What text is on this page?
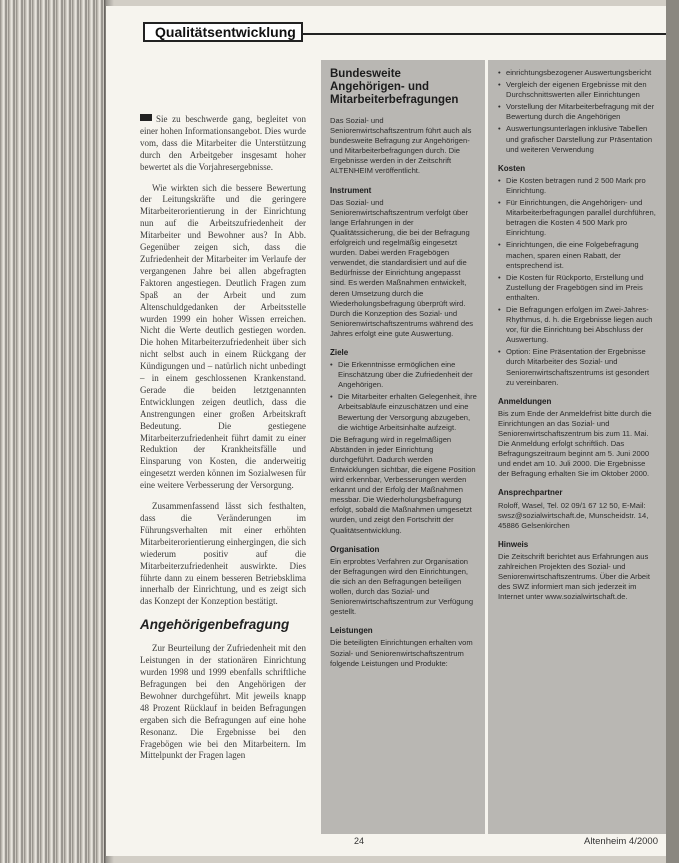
Qualitätsentwicklung

Sie zu beschwerde gang, begleitet von einer hohen Informationsangebot. Dies wurde vom, dass die Mitarbeiter die Unterstützung durch den Arbeitgeber insgesamt hoher bewertet als die Vorjahresergebnisse.

Wie wirkten sich die bessere Bewertung der Leitungskräfte und die geringere Mitarbeiterorientierung in der Einrichtung nun auf die Arbeitszufriedenheit der Mitarbeiter und Bewohner aus? In Abb. Gegenüber zeigen sich, dass die Zufriedenheit der Mitarbeiter im Verlaufe der vergangenen Jahre bei allen abgefragten Faktoren angestiegen. Deutlich Fragen zum Spaß an der Arbeit und zum Altenschuldgedanken der Arbeitsstelle wurden 1999 ein hoher Wissen erreichen. Nicht die Werte deutlich gestiegen worden. Die hohen Mitarbeiterzufriedenheit über sich nicht selbst auch in einem Rückgang der Kündigungen und – natürlich nicht unbedingt – in einem geschlossenen Krankenstand. Gerade die beiden letztgenannten Entwicklungen zeigen deutlich, dass die Anstrengungen einer großen Arbeitskraft Bedeutung. Die gestiegene Mitarbeiterzufriedenheit führt damit zu einer Reduktion der Krankheitsfälle und Einsparung von Kosten, die anderweitig eingesetzt werden können im Sozialwesen für eine weitere Verbesserung der Versorgung.

Zusammenfassend lässt sich festhalten, dass die Veränderungen im Führungsverhalten mit einer erhöhten Mitarbeiterorientierung einhergingen, die sich wiederum positiv auf die Mitarbeiterzufriedenheit auswirkte. Dies führte dann zu einem besseren Betriebsklima innerhalb der Einrichtung, und es zeigt sich das Konzept der Konzeption bestätigt.

Angehörigenbefragung

Zur Beurteilung der Zufriedenheit mit den Leistungen in der stationären Einrichtung wurden 1998 und 1999 ebenfalls schriftliche Befragungen bei den Angehörigen der Bewohner durchgeführt. Mit jeweils knapp 48 Prozent Rücklauf in beiden Befragungen ergaben sich die Befragungen auf eine hohe Resonanz. Die Ergebnisse bei den Fragebögen wie bei den Mitarbeitern. Im Mittelpunkt der Fragen lagen

Bundesweite Angehörigen- und Mitarbeiterbefragungen

Das Sozial- und Seniorenwirtschaftszentrum führt auch als bundesweite Befragung zur Angehörigen- und Mitarbeiterbefragungen durch. Die Ergebnisse werden in der Zeitschrift ALTENHEIM veröffentlicht.

Instrument

Das Sozial- und Seniorenwirtschaftszentrum verfolgt über lange Erfahrungen in der Qualitätssicherung, die bei der Befragung erfolgreich und regelmäßig eingesetzt wurden. Dabei werden Fragebögen verwendet, die standardisiert und auf die Bedürfnisse der Einrichtung angepasst sind. Es werden Maßnahmen entwickelt, deren Umsetzung durch die Wiederholungsbefragung überprüft wird. Durch die Konzeption des Sozial- und Seniorenwirtschaftszentrums während des Jahres erfolgt eine gute Auswertung.

Ziele
• Die Erkenntnisse ermöglichen eine Einschätzung über die Zufriedenheit der Angehörigen.
• Die Mitarbeiter erhalten Gelegenheit, ihre Arbeitsabläufe einzuschätzen und eine Bewertung der Versorgung abzugeben, die wichtige Arbeitsinhalte aufzeigt.

Die Befragung wird in regelmäßigen Abständen in jeder Einrichtung durchgeführt. Dadurch werden Entwicklungen sichtbar, die eigene Position wird erkennbar, Verbesserungen werden erkannt und der Erfolg der Maßnahmen messbar. Die Wiederholungsbefragung erfolgt, sobald die Maßnahmen umgesetzt wurden, und zeigt den Fortschritt der Qualitätsentwicklung.

Organisation

Ein erprobtes Verfahren zur Organisation der Befragungen wird den Einrichtungen, die sich an den Befragungen beteiligen wollen, durch das Sozial- und Seniorenwirtschaftszentrum zur Verfügung gestellt.

Leistungen

Die beteiligten Einrichtungen erhalten vom Sozial- und Seniorenwirtschaftszentrum folgende Leistungen und Produkte:

• einrichtungsbezogener Auswertungsbericht
• Vergleich der eigenen Ergebnisse mit den Durchschnittswerten aller Einrichtungen
• Vorstellung der Mitarbeiterbefragung mit der Bewertung durch die Angehörigen
• Auswertungsunterlagen inklusive Tabellen und grafischer Darstellung zur Präsentation und weiteren Verwendung
Kosten
• Die Kosten betragen rund 2 500 Mark pro Einrichtung.
• Für Einrichtungen, die Angehörigen- und Mitarbeiterbefragungen parallel durchführen, betragen die Kosten 4 500 Mark pro Einrichtung.
• Einrichtungen, die eine Folgebefragung machen, sparen einen Rabatt, der entsprechend ist.
• Die Kosten für Rückporto, Erstellung und Zustellung der Fragebögen sind im Preis enthalten.
• Die Befragungen erfolgen im Zwei-Jahres-Rhythmus, d. h. die Ergebnisse liegen auch vor, für die Einrichtung bei Abschluss der Auswertung.
• Option: Eine Präsentation der Ergebnisse durch Mitarbeiter des Sozial- und Seniorenwirtschaftszentrums ist gesondert zu vereinbaren.
Anmeldungen

Bis zum Ende der Anmeldefrist bitte durch die Einrichtungen an das Sozial- und Seniorenwirtschaftszentrum bis zum 11. Mai. Die Anmeldung erfolgt schriftlich. Das Befragungszeitraum beginnt am 5. Juni 2000 und endet am 10. Juli 2000. Die Ergebnisse der Befragung erhalten Sie im Oktober 2000.

Ansprechpartner

Roloff, Wasel, Tel. 02 09/1 67 12 50, E-Mail: swsz@sozialwirtschaft.de, Munscheidstr. 14, 45886 Gelsenkirchen

Hinweis

Die Zeitschrift berichtet aus Erfahrungen aus zahlreichen Projekten des Sozial- und Seniorenwirtschaftszentrums. Über die Arbeit des SWZ informiert man sich jederzeit im Internet unter www.sozialwirtschaft.de.

24	Altenheim 4/2000
